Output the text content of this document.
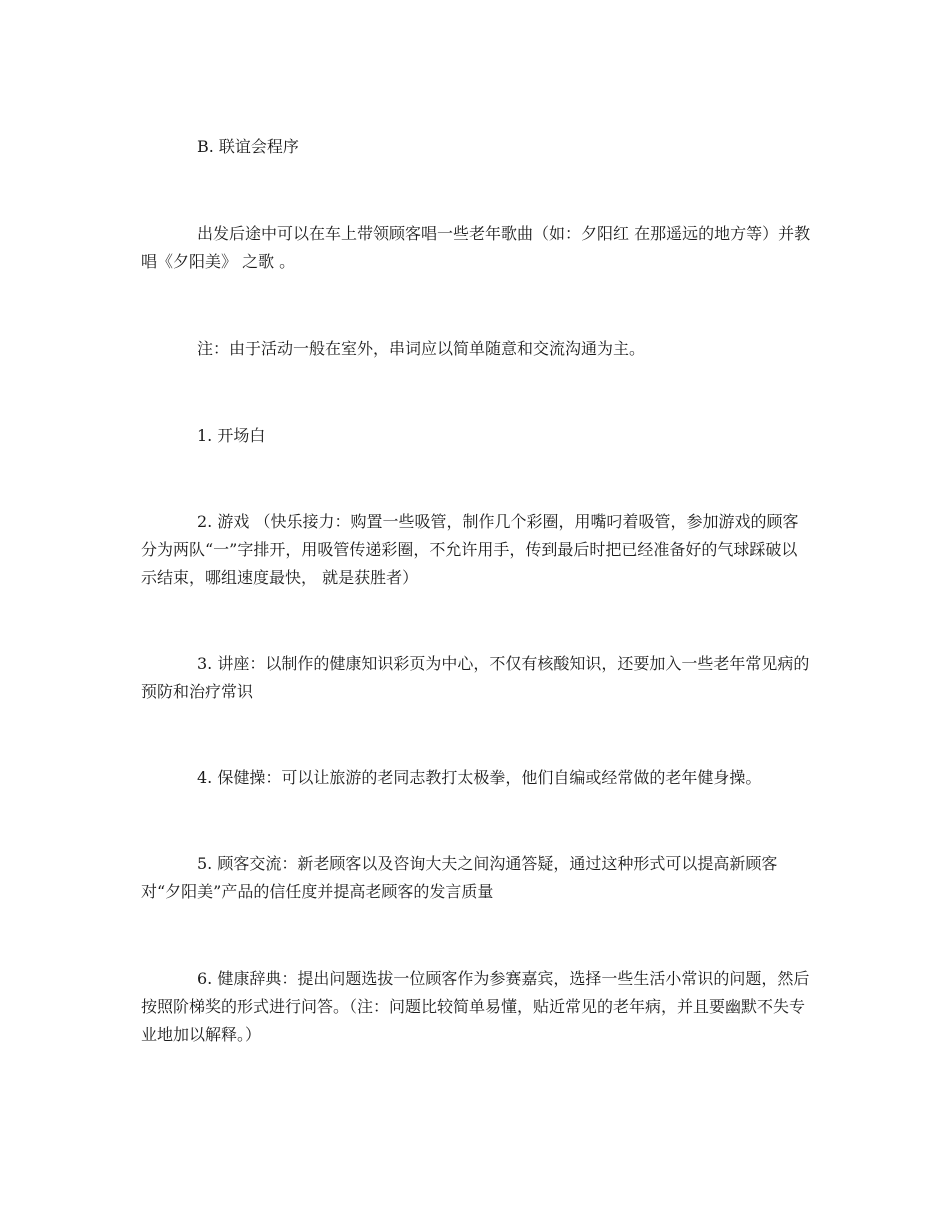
B. 联谊会程序

出发后途中可以在车上带领顾客唱一些老年歌曲（如：夕阳红 在那遥远的地方等）并教唱《夕阳美》 之歌 。

注：由于活动一般在室外，串词应以简单随意和交流沟通为主。

1. 开场白

2. 游戏 （快乐接力：购置一些吸管，制作几个彩圈，用嘴叼着吸管，参加游戏的顾客分为两队“一”字排开，用吸管传递彩圈，不允许用手，传到最后时把已经准备好的气球踩破以示结束，哪组速度最快， 就是获胜者）

3. 讲座：以制作的健康知识彩页为中心，不仅有核酸知识，还要加入一些老年常见病的预防和治疗常识

4. 保健操：可以让旅游的老同志教打太极拳，他们自编或经常做的老年健身操。

5. 顾客交流：新老顾客以及咨询大夫之间沟通答疑，通过这种形式可以提高新顾客对“夕阳美”产品的信任度并提高老顾客的发言质量

6. 健康辞典：提出问题选拔一位顾客作为参赛嘉宾，选择一些生活小常识的问题，然后按照阶梯奖的形式进行问答。（注：问题比较简单易懂，贴近常见的老年病，并且要幽默不失专业地加以解释。）
